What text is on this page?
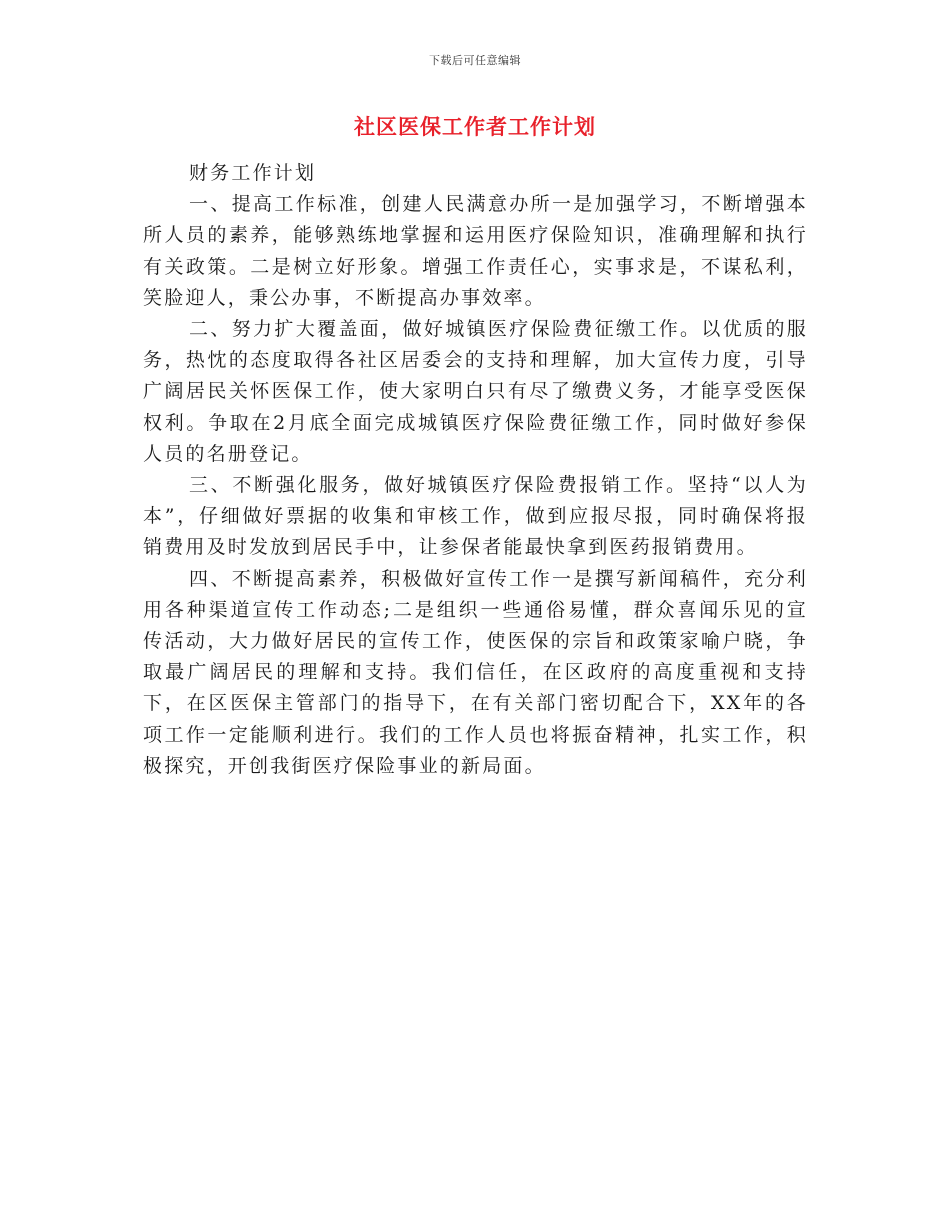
下载后可任意编辑
社区医保工作者工作计划

财务工作计划

一、提高工作标准，创建人民满意办所一是加强学习，不断增强本所人员的素养，能够熟练地掌握和运用医疗保险知识，准确理解和执行有关政策。二是树立好形象。增强工作责任心，实事求是，不谋私利，笑脸迎人，秉公办事，不断提高办事效率。

二、努力扩大覆盖面，做好城镇医疗保险费征缴工作。以优质的服务，热忱的态度取得各社区居委会的支持和理解，加大宣传力度，引导广阔居民关怀医保工作，使大家明白只有尽了缴费义务，才能享受医保权利。争取在2月底全面完成城镇医疗保险费征缴工作，同时做好参保人员的名册登记。

三、不断强化服务，做好城镇医疗保险费报销工作。坚持“以人为本”，仔细做好票据的收集和审核工作，做到应报尽报，同时确保将报销费用及时发放到居民手中，让参保者能最快拿到医药报销费用。

四、不断提高素养，积极做好宣传工作一是撰写新闻稿件，充分利用各种渠道宣传工作动态;二是组织一些通俗易懂，群众喜闻乐见的宣传活动，大力做好居民的宣传工作，使医保的宗旨和政策家喻户晓，争取最广阔居民的理解和支持。我们信任，在区政府的高度重视和支持下，在区医保主管部门的指导下，在有关部门密切配合下，XX年的各项工作一定能顺利进行。我们的工作人员也将振奋精神，扎实工作，积极探究，开创我街医疗保险事业的新局面。
